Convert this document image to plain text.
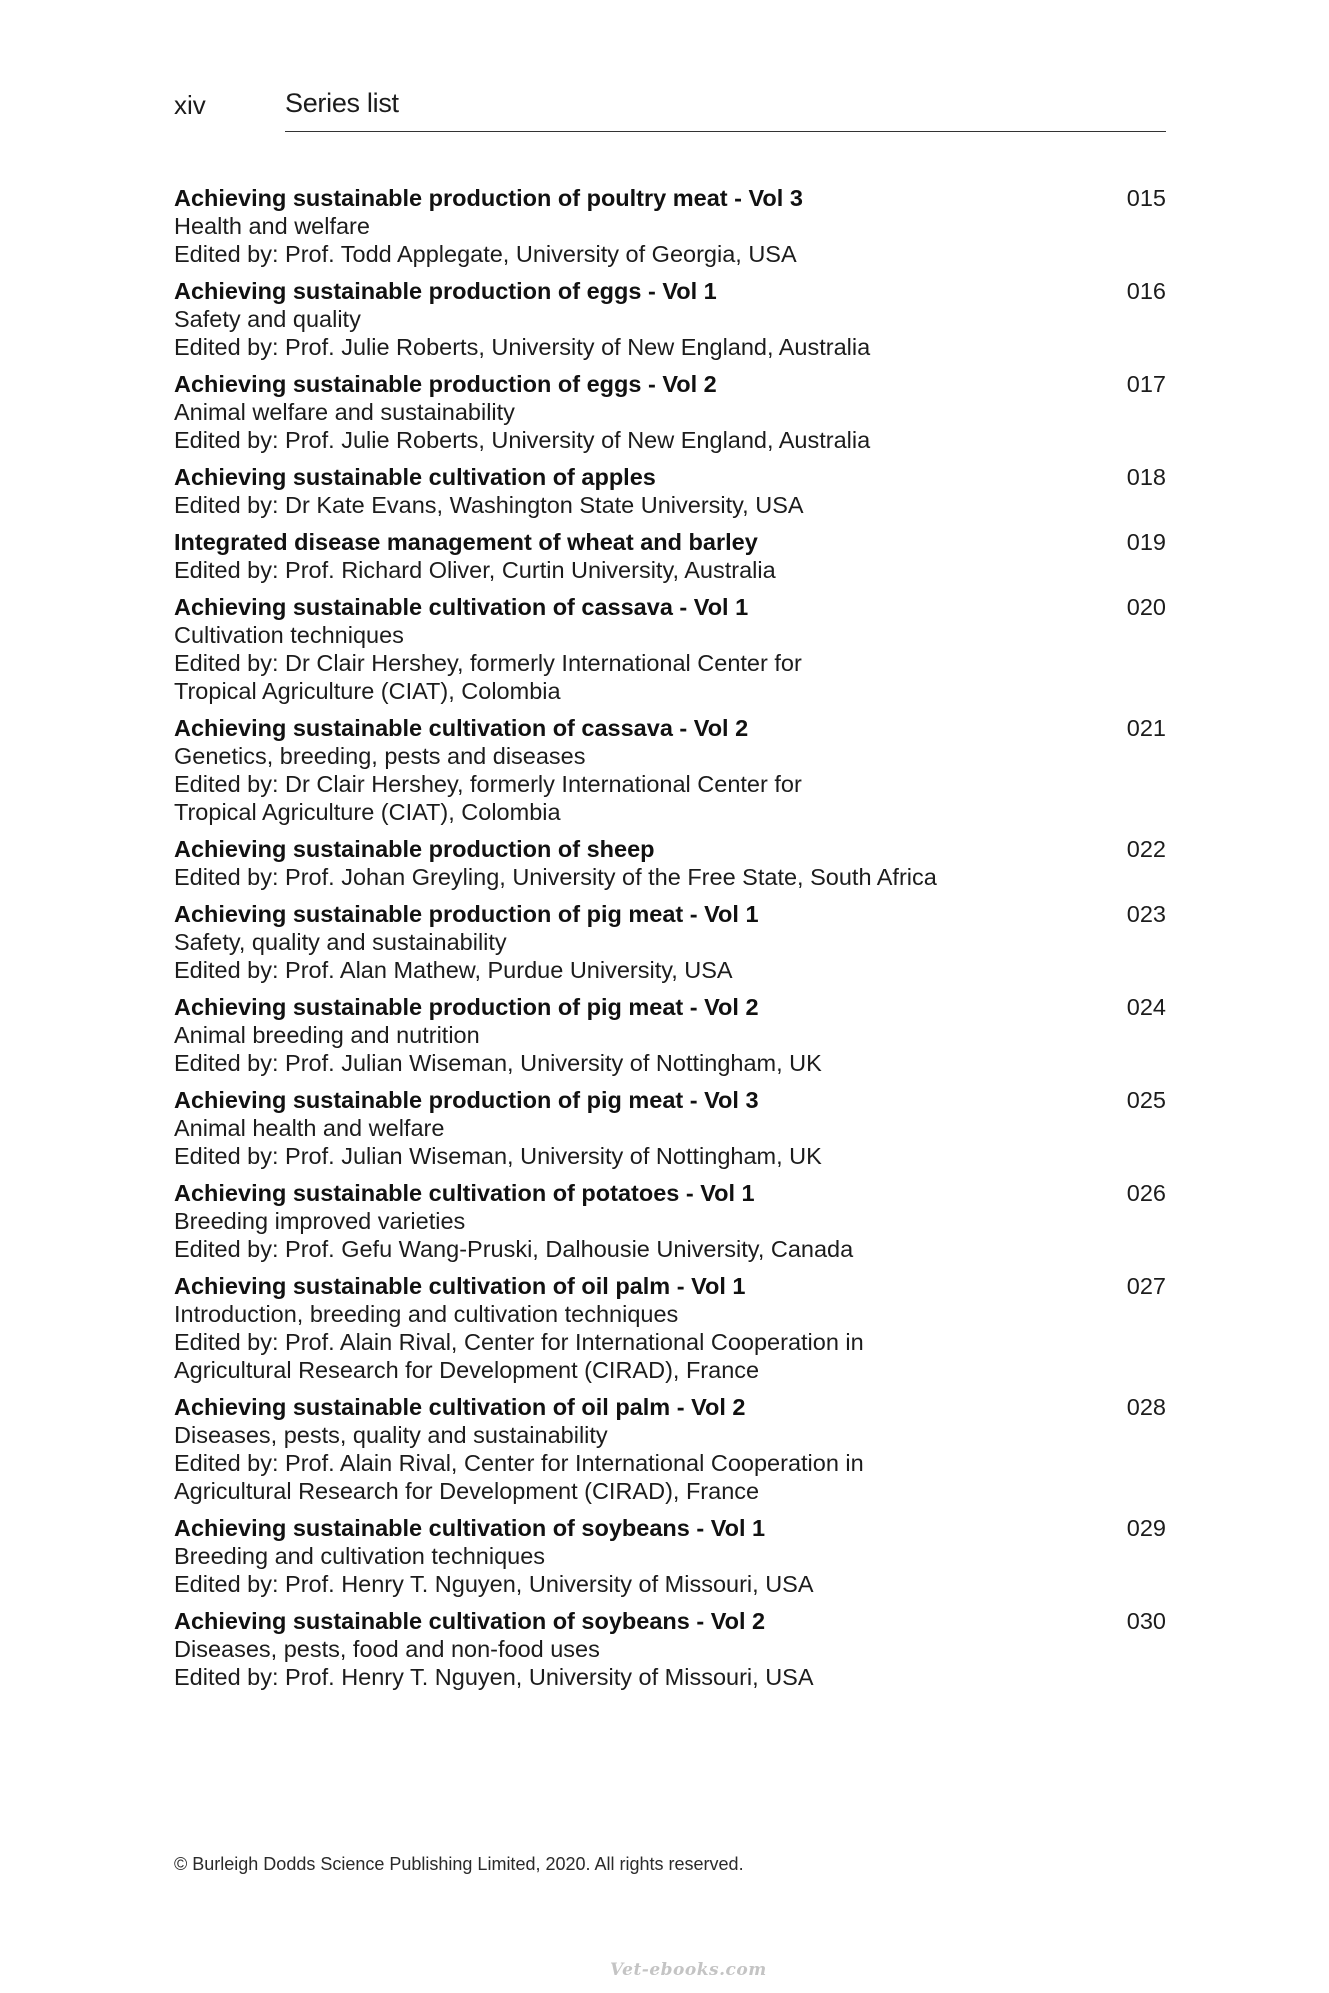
xiv	Series list
Achieving sustainable production of poultry meat - Vol 3	015
Health and welfare
Edited by: Prof. Todd Applegate, University of Georgia, USA
Achieving sustainable production of eggs - Vol 1	016
Safety and quality
Edited by: Prof. Julie Roberts, University of New England, Australia
Achieving sustainable production of eggs - Vol 2	017
Animal welfare and sustainability
Edited by: Prof. Julie Roberts, University of New England, Australia
Achieving sustainable cultivation of apples	018
Edited by: Dr Kate Evans, Washington State University, USA
Integrated disease management of wheat and barley	019
Edited by: Prof. Richard Oliver, Curtin University, Australia
Achieving sustainable cultivation of cassava - Vol 1	020
Cultivation techniques
Edited by: Dr Clair Hershey, formerly International Center for
Tropical Agriculture (CIAT), Colombia
Achieving sustainable cultivation of cassava - Vol 2	021
Genetics, breeding, pests and diseases
Edited by: Dr Clair Hershey, formerly International Center for
Tropical Agriculture (CIAT), Colombia
Achieving sustainable production of sheep	022
Edited by: Prof. Johan Greyling, University of the Free State, South Africa
Achieving sustainable production of pig meat - Vol 1	023
Safety, quality and sustainability
Edited by: Prof. Alan Mathew, Purdue University, USA
Achieving sustainable production of pig meat - Vol 2	024
Animal breeding and nutrition
Edited by: Prof. Julian Wiseman, University of Nottingham, UK
Achieving sustainable production of pig meat - Vol 3	025
Animal health and welfare
Edited by: Prof. Julian Wiseman, University of Nottingham, UK
Achieving sustainable cultivation of potatoes - Vol 1	026
Breeding improved varieties
Edited by: Prof. Gefu Wang-Pruski, Dalhousie University, Canada
Achieving sustainable cultivation of oil palm - Vol 1	027
Introduction, breeding and cultivation techniques
Edited by: Prof. Alain Rival, Center for International Cooperation in
Agricultural Research for Development (CIRAD), France
Achieving sustainable cultivation of oil palm - Vol 2	028
Diseases, pests, quality and sustainability
Edited by: Prof. Alain Rival, Center for International Cooperation in
Agricultural Research for Development (CIRAD), France
Achieving sustainable cultivation of soybeans - Vol 1	029
Breeding and cultivation techniques
Edited by: Prof. Henry T. Nguyen, University of Missouri, USA
Achieving sustainable cultivation of soybeans - Vol 2	030
Diseases, pests, food and non-food uses
Edited by: Prof. Henry T. Nguyen, University of Missouri, USA
© Burleigh Dodds Science Publishing Limited, 2020. All rights reserved.
Vet-ebooks.com
